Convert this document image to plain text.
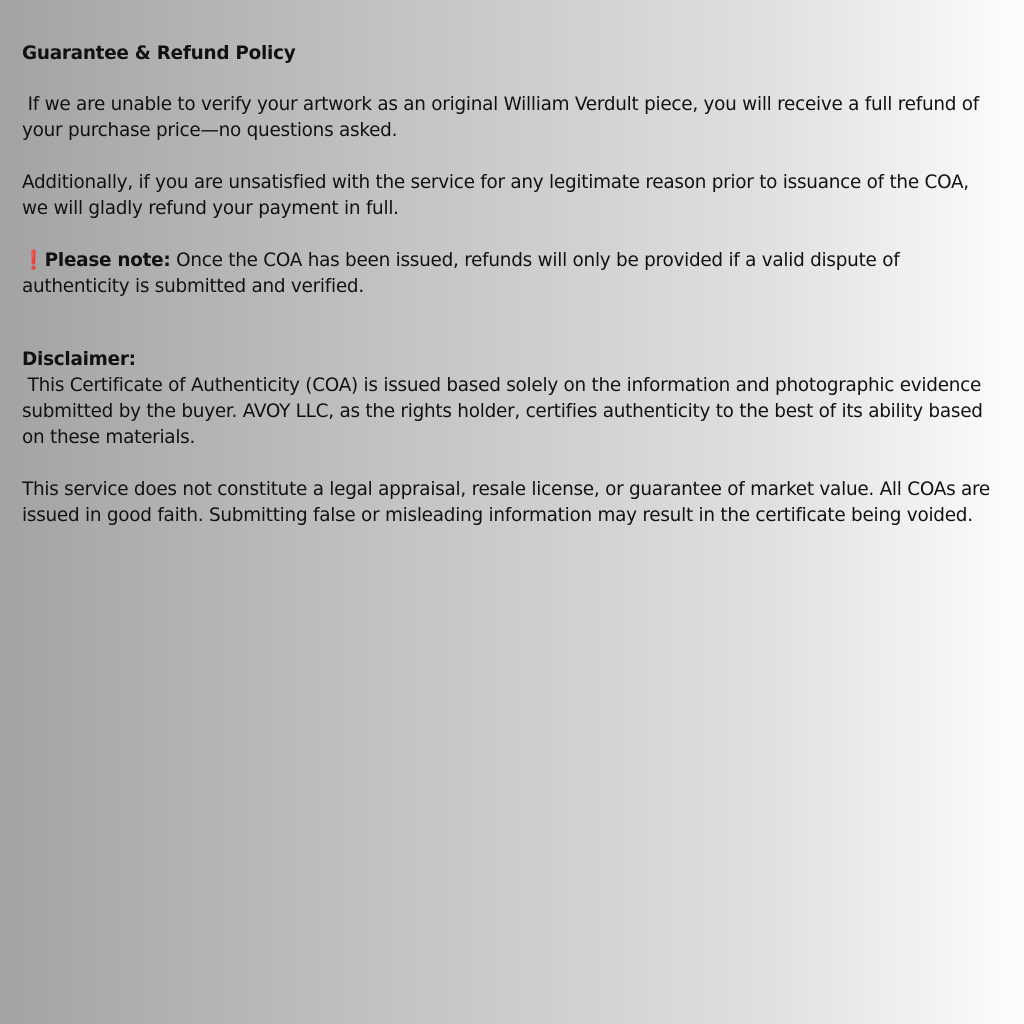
Guarantee & Refund Policy

If we are unable to verify your artwork as an original William Verdult piece, you will receive a full refund of your purchase price—no questions asked.

Additionally, if you are unsatisfied with the service for any legitimate reason prior to issuance of the COA, we will gladly refund your payment in full.

❗Please note: Once the COA has been issued, refunds will only be provided if a valid dispute of authenticity is submitted and verified.

Disclaimer:

This Certificate of Authenticity (COA) is issued based solely on the information and photographic evidence submitted by the buyer. AVOY LLC, as the rights holder, certifies authenticity to the best of its ability based on these materials.

This service does not constitute a legal appraisal, resale license, or guarantee of market value. All COAs are issued in good faith. Submitting false or misleading information may result in the certificate being voided.
